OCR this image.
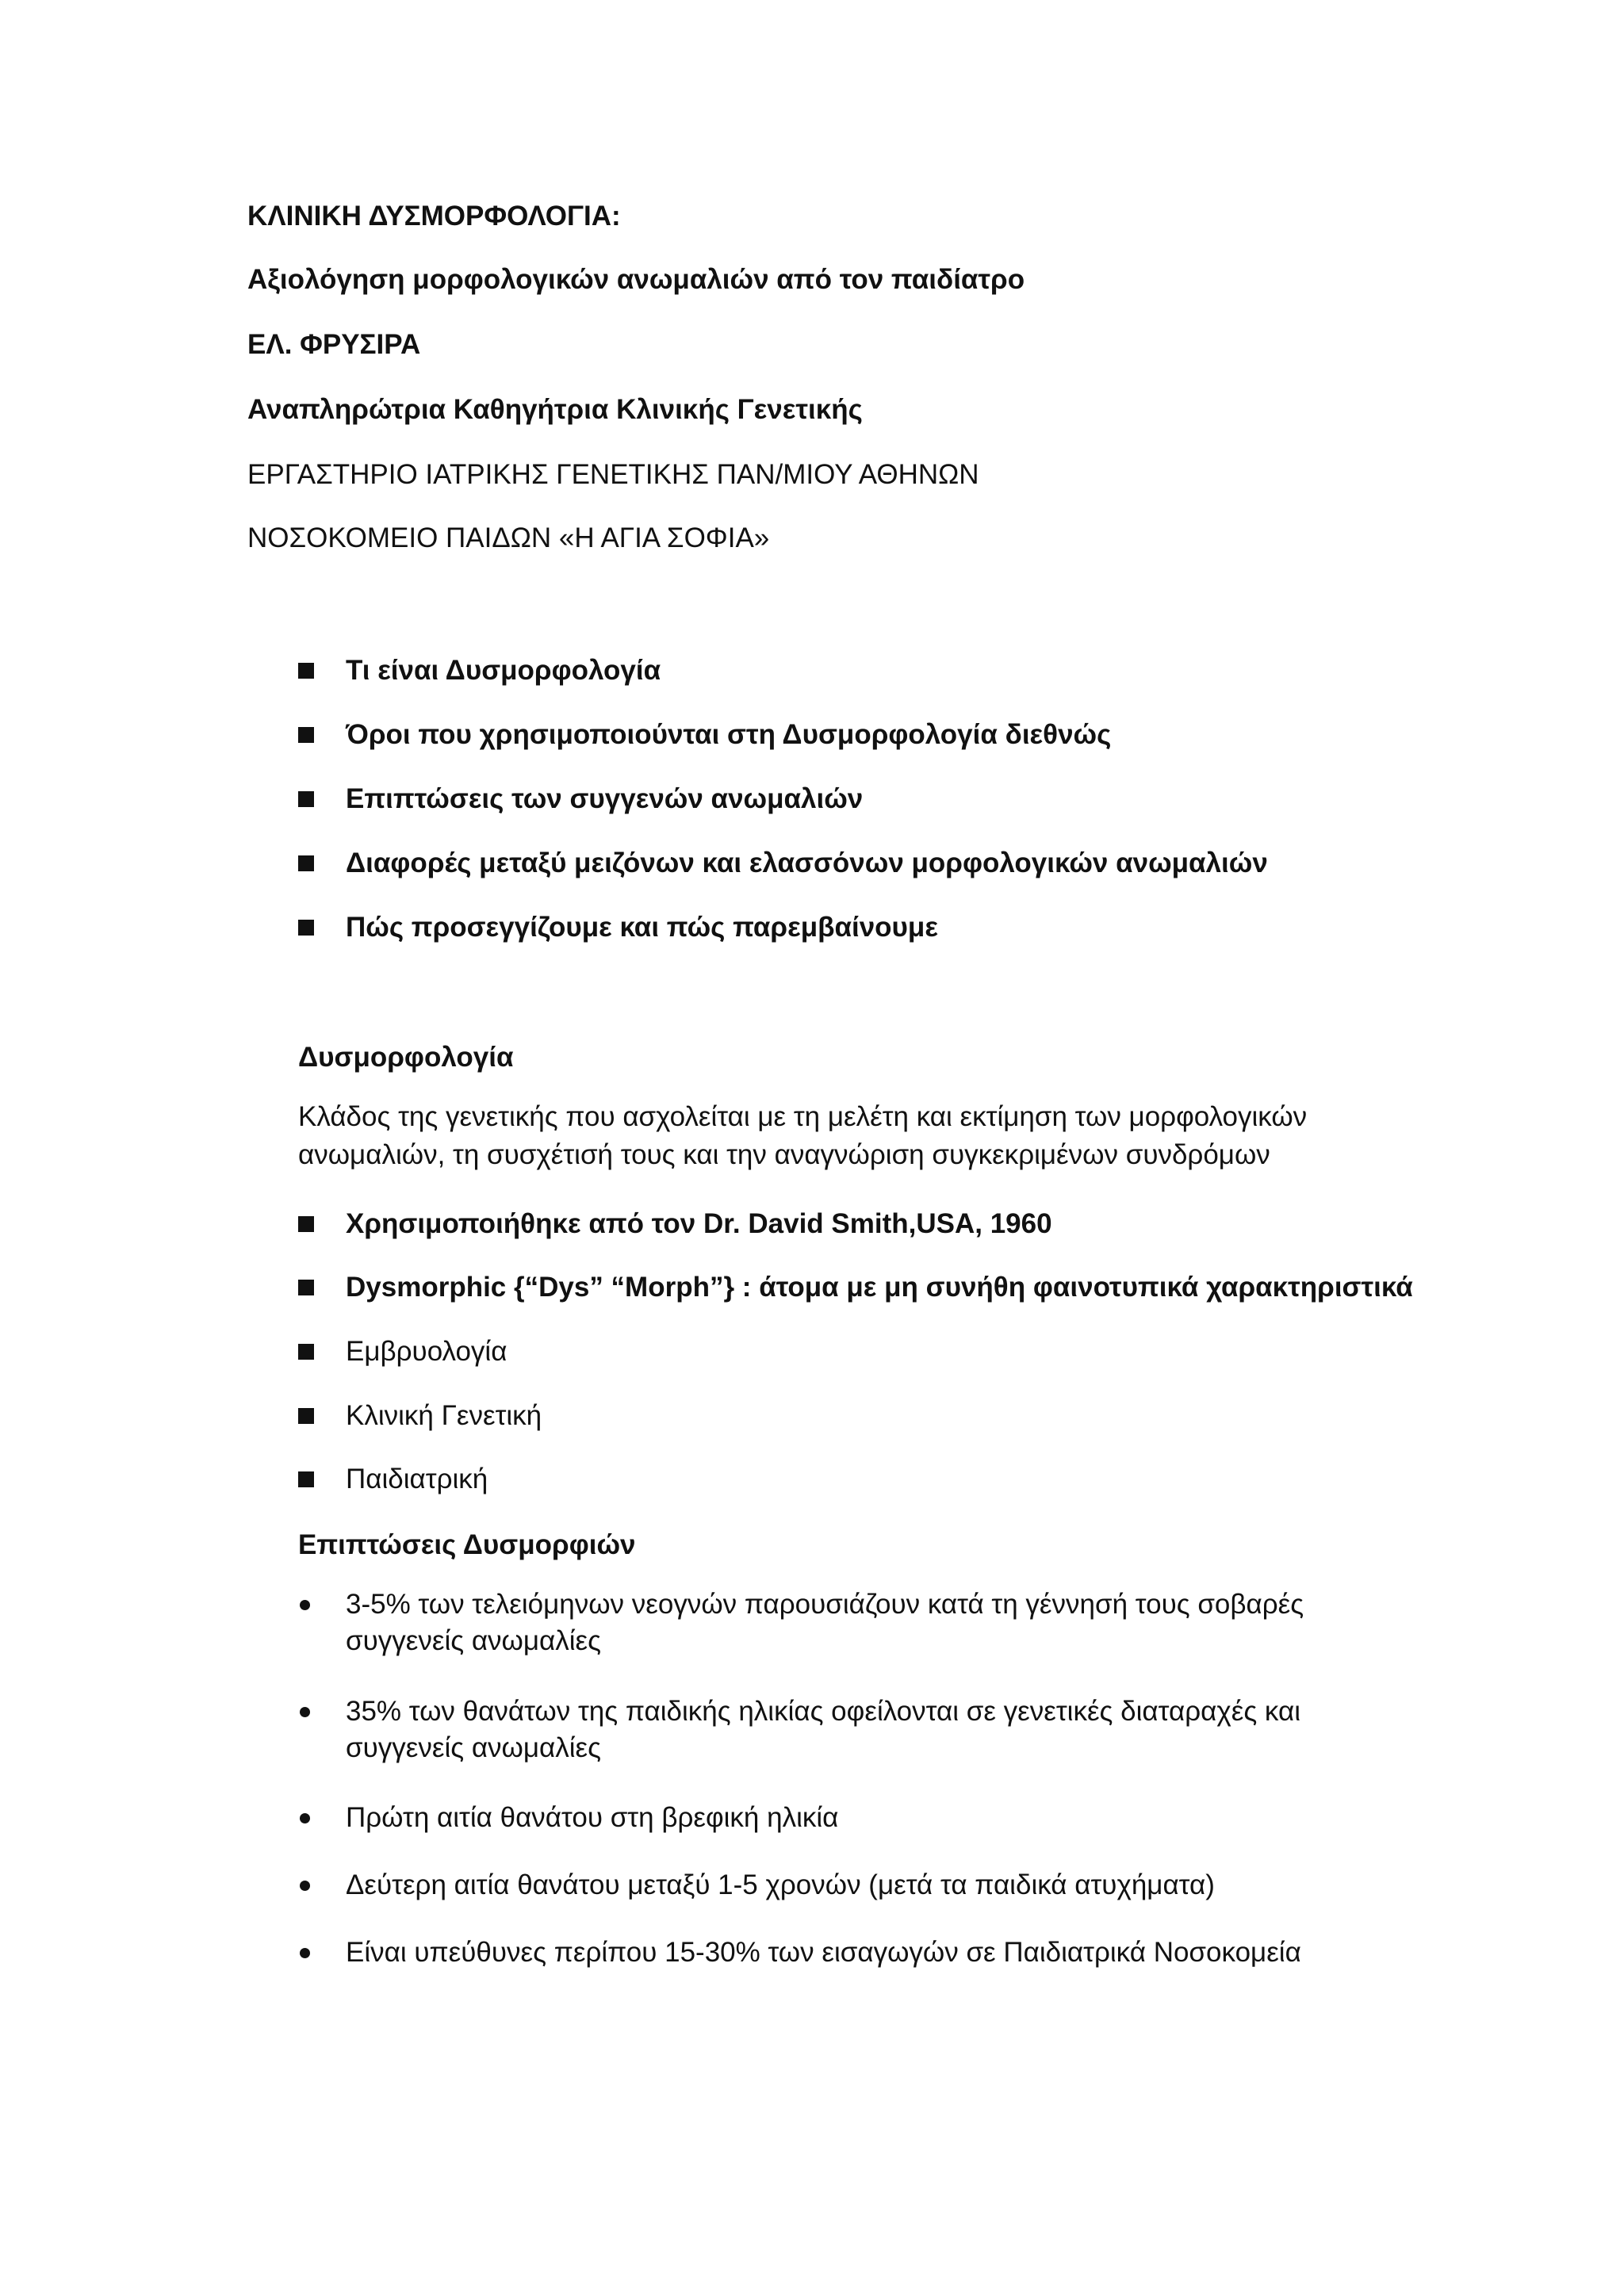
ΚΛΙΝΙΚΗ ΔΥΣΜΟΡΦΟΛΟΓΙΑ:
Αξιολόγηση μορφολογικών ανωμαλιών από τον παιδίατρο
ΕΛ. ΦΡΥΣΙΡΑ
Αναπληρώτρια Καθηγήτρια Κλινικής Γενετικής
ΕΡΓΑΣΤΗΡΙΟ ΙΑΤΡΙΚΗΣ ΓΕΝΕΤΙΚΗΣ ΠΑΝ/ΜΙΟΥ ΑΘΗΝΩΝ
ΝΟΣΟΚΟΜΕΙΟ ΠΑΙΔΩΝ «Η ΑΓΙΑ ΣΟΦΙΑ»
Τι είναι Δυσμορφολογία
Όροι που χρησιμοποιούνται στη Δυσμορφολογία διεθνώς
Επιπτώσεις των συγγενών ανωμαλιών
Διαφορές μεταξύ μειζόνων και ελασσόνων μορφολογικών ανωμαλιών
Πώς προσεγγίζουμε και πώς παρεμβαίνουμε
Δυσμορφολογία
Κλάδος της γενετικής που ασχολείται με τη μελέτη και εκτίμηση των μορφολογικών ανωμαλιών, τη συσχέτισή τους και την αναγνώριση συγκεκριμένων συνδρόμων
Χρησιμοποιήθηκε από τον Dr. David Smith,USA, 1960
Dysmorphic {“Dys” “Morph”} : άτομα με μη συνήθη φαινοτυπικά χαρακτηριστικά
Εμβρυολογία
Κλινική Γενετική
Παιδιατρική
Επιπτώσεις Δυσμορφιών
3-5% των τελειόμηνων νεογνών παρουσιάζουν κατά τη γέννησή τους σοβαρές συγγενείς ανωμαλίες
35% των θανάτων της παιδικής ηλικίας οφείλονται σε γενετικές διαταραχές και συγγενείς ανωμαλίες
Πρώτη αιτία θανάτου στη βρεφική ηλικία
Δεύτερη αιτία θανάτου μεταξύ 1-5 χρονών (μετά τα παιδικά ατυχήματα)
Είναι υπεύθυνες περίπου 15-30% των εισαγωγών σε Παιδιατρικά Νοσοκομεία
